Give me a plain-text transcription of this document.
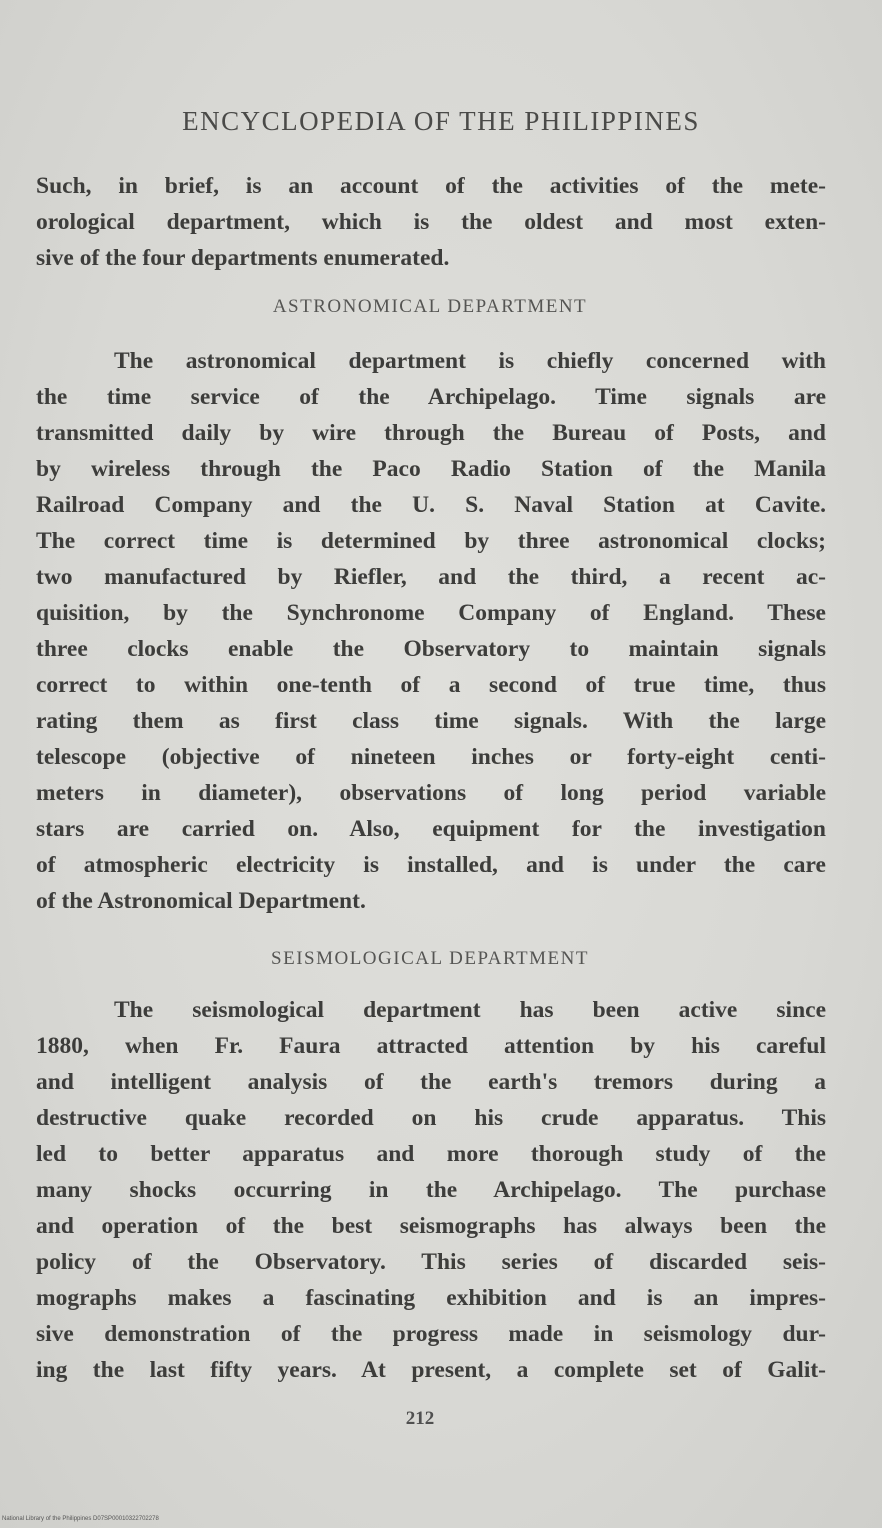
ENCYCLOPEDIA OF THE PHILIPPINES
Such, in brief, is an account of the activities of the mete-
orological department, which is the oldest and most exten-
sive of the four departments enumerated.
ASTRONOMICAL DEPARTMENT
The astronomical department is chiefly concerned with
the time service of the Archipelago. Time signals are
transmitted daily by wire through the Bureau of Posts, and
by wireless through the Paco Radio Station of the Manila
Railroad Company and the U. S. Naval Station at Cavite.
The correct time is determined by three astronomical clocks;
two manufactured by Riefler, and the third, a recent ac-
quisition, by the Synchronome Company of England. These
three clocks enable the Observatory to maintain signals
correct to within one-tenth of a second of true time, thus
rating them as first class time signals. With the large
telescope (objective of nineteen inches or forty-eight centi-
meters in diameter), observations of long period variable
stars are carried on. Also, equipment for the investigation
of atmospheric electricity is installed, and is under the care
of the Astronomical Department.
SEISMOLOGICAL DEPARTMENT
The seismological department has been active since
1880, when Fr. Faura attracted attention by his careful
and intelligent analysis of the earth's tremors during a
destructive quake recorded on his crude apparatus. This
led to better apparatus and more thorough study of the
many shocks occurring in the Archipelago. The purchase
and operation of the best seismographs has always been the
policy of the Observatory. This series of discarded seis-
mographs makes a fascinating exhibition and is an impres-
sive demonstration of the progress made in seismology dur-
ing the last fifty years. At present, a complete set of Galit-
212
National Library of the Philippines D07SP00010322702278
